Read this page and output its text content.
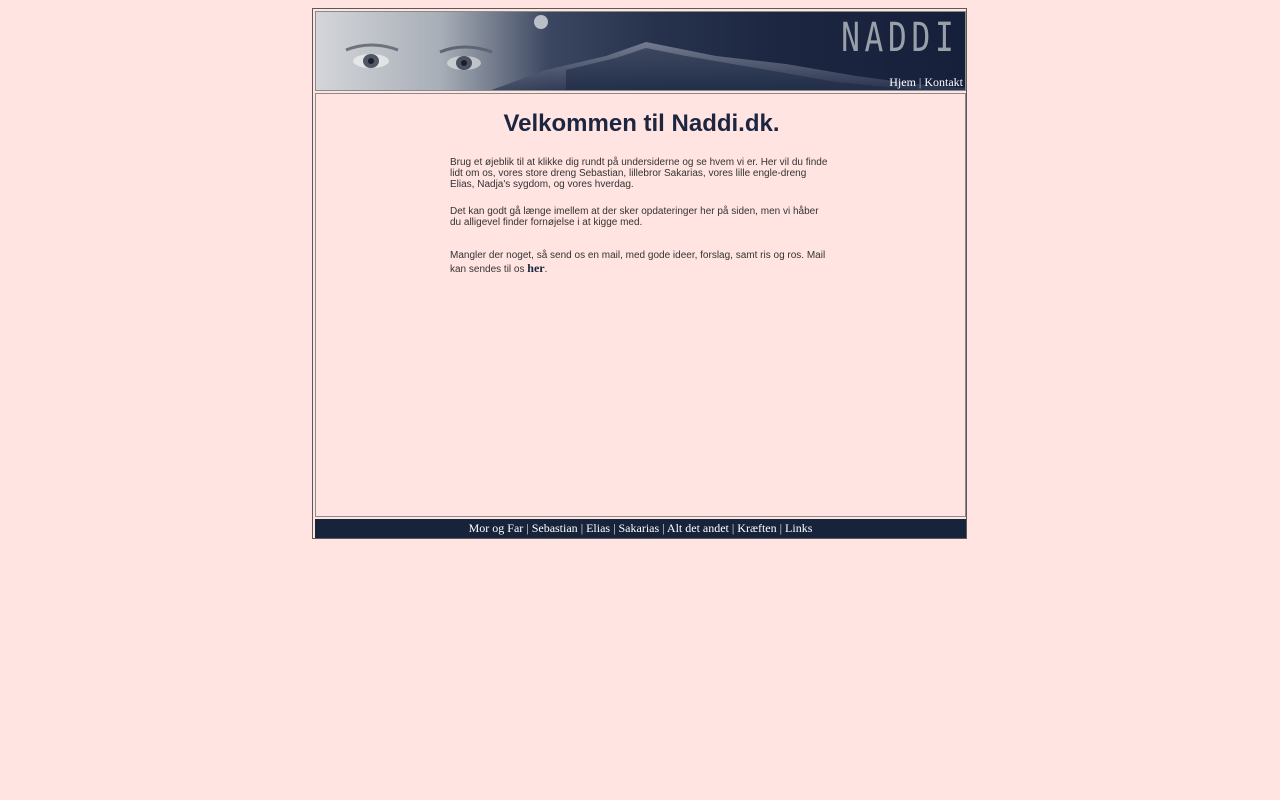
NADDI
Hjem | Kontakt
Velkommen til Naddi.dk.
Brug et øjeblik til at klikke dig rundt på undersiderne og se hvem vi er. Her vil du finde lidt om os, vores store dreng Sebastian, lillebror Sakarias, vores lille engle-dreng Elias, Nadja's sygdom, og vores hverdag.
Det kan godt gå længe imellem at der sker opdateringer her på siden, men vi håber du alligevel finder fornøjelse i at kigge med.
Mangler der noget, så send os en mail, med gode ideer, forslag, samt ris og ros. Mail kan sendes til os her.
Mor og Far | Sebastian | Elias | Sakarias | Alt det andet | Kræften | Links
